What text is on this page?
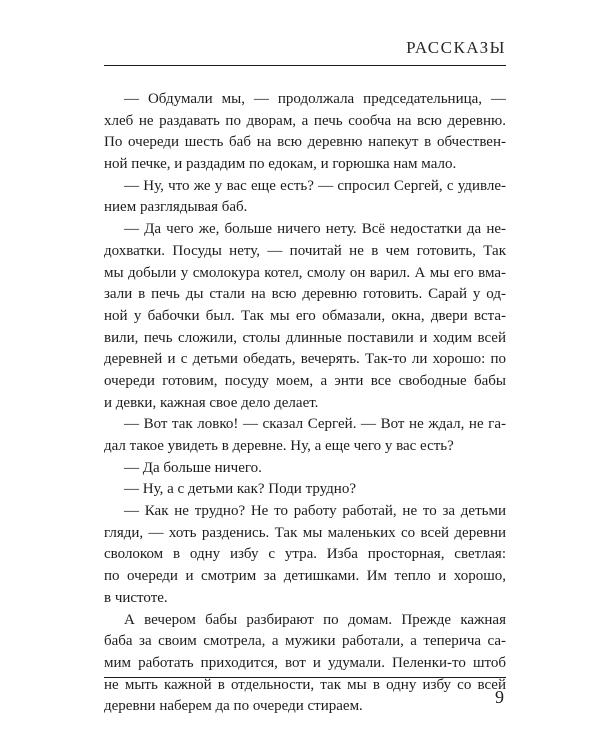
РАССКАЗЫ
— Обдумали мы, — продолжала председательница, —
хлеб не раздавать по дворам, а печь сообча на всю деревню.
По очереди шесть баб на всю деревню напекут в обчествен-
ной печке, и раздадим по едокам, и горюшка нам мало.
— Ну, что же у вас еще есть? — спросил Сергей, с удивле-
нием разглядывая баб.
— Да чего же, больше ничего нету. Всё недостатки да не-
дохватки. Посуды нету, — почитай не в чем готовить, Так
мы добыли у смолокура котел, смолу он варил. А мы его вма-
зали в печь ды стали на всю деревню готовить. Сарай у од-
ной у бабочки был. Так мы его обмазали, окна, двери вста-
вили, печь сложили, столы длинные поставили и ходим всей
деревней и с детьми обедать, вечерять. Так-то ли хорошо: по
очереди готовим, посуду моем, а энти все свободные бабы
и девки, кажная свое дело делает.
— Вот так ловко! — сказал Сергей. — Вот не ждал, не га-
дал такое увидеть в деревне. Ну, а еще чего у вас есть?
— Да больше ничего.
— Ну, а с детьми как? Поди трудно?
— Как не трудно? Не то работу работай, не то за детьми
гляди, — хоть разденись. Так мы маленьких со всей деревни
сволоком в одну избу с утра. Изба просторная, светлая:
по очереди и смотрим за детишками. Им тепло и хорошо,
в чистоте.
А вечером бабы разбирают по домам. Прежде кажная
баба за своим смотрела, а мужики работали, а теперича са-
мим работать приходится, вот и удумали. Пеленки-то штоб
не мыть кажной в отдельности, так мы в одну избу со всей
деревни наберем да по очереди стираем.	9
